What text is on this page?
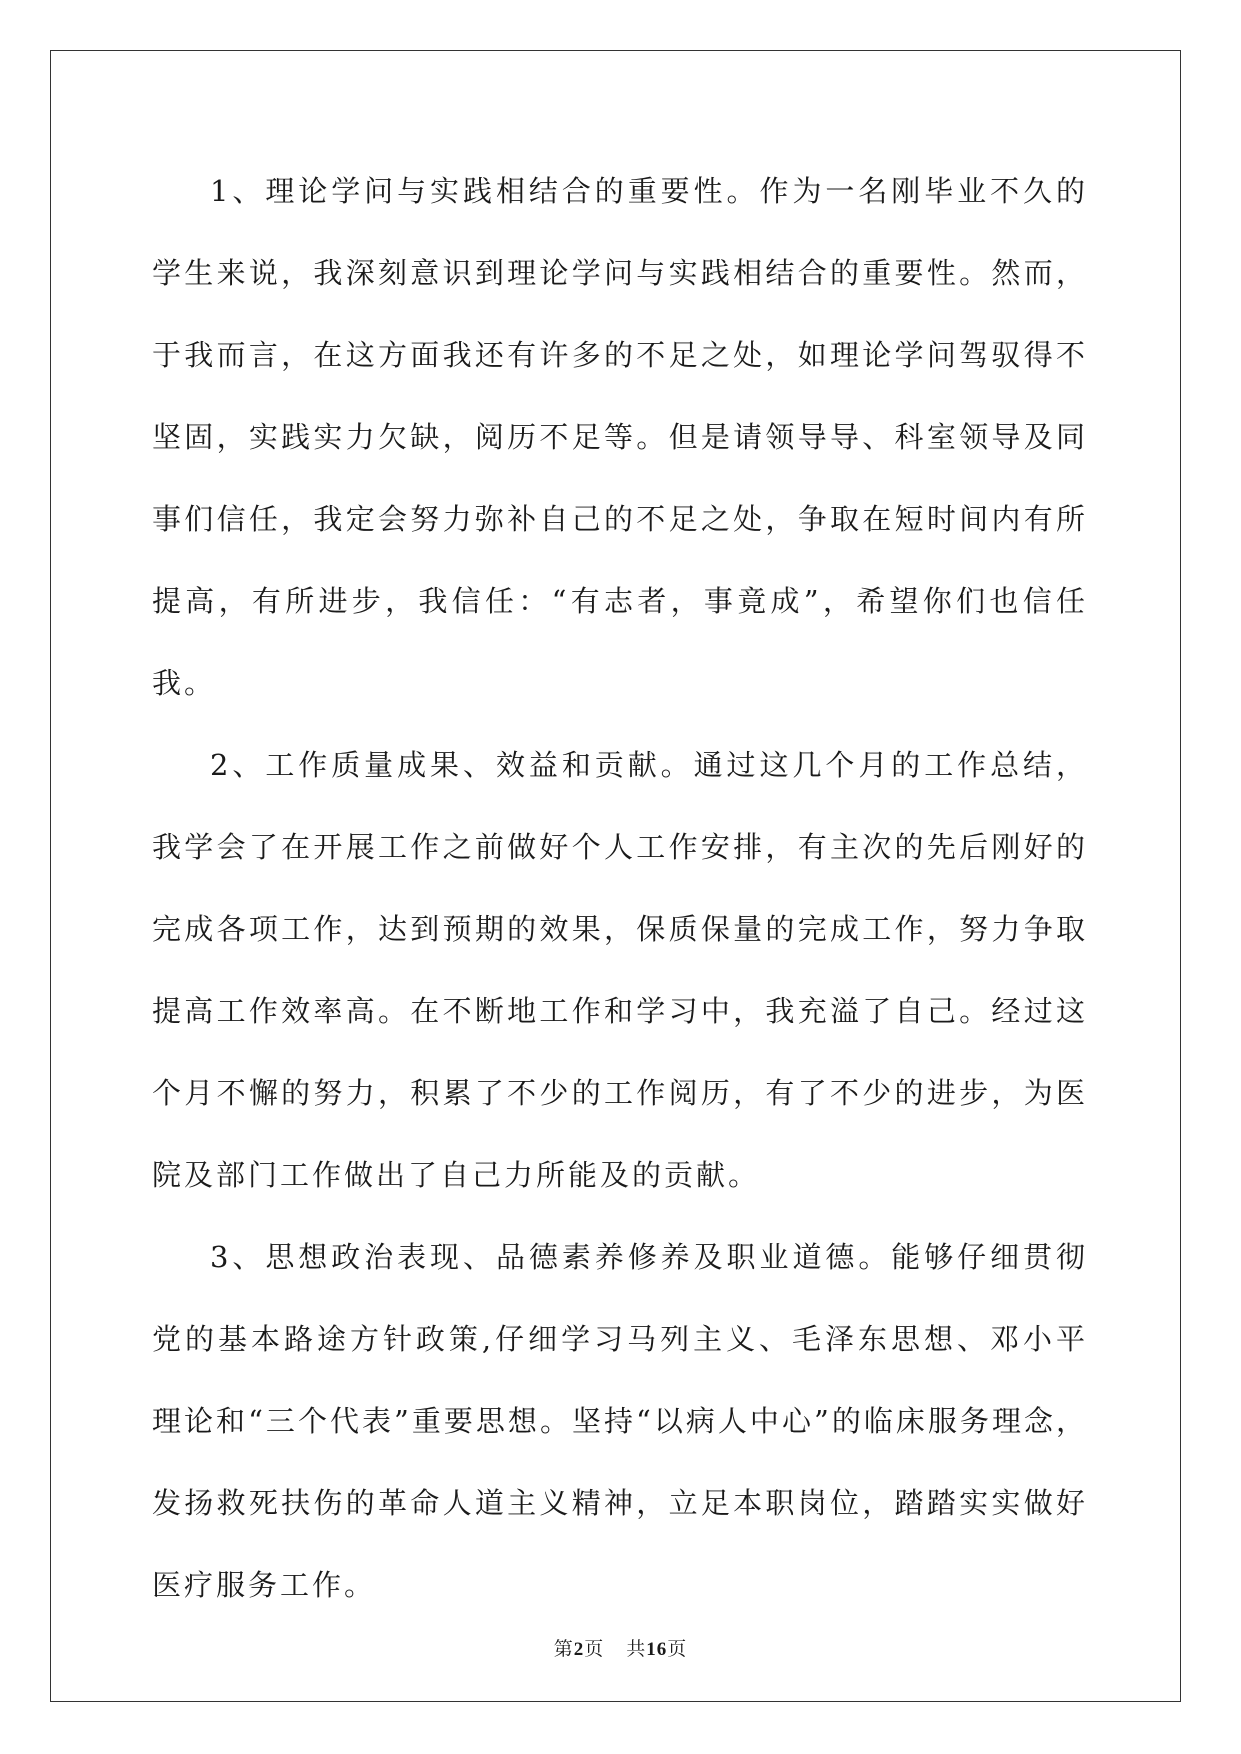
1、理论学问与实践相结合的重要性。作为一名刚毕业不久的学生来说，我深刻意识到理论学问与实践相结合的重要性。然而，于我而言，在这方面我还有许多的不足之处，如理论学问驾驭得不坚固，实践实力欠缺，阅历不足等。但是请领导导、科室领导及同事们信任，我定会努力弥补自己的不足之处，争取在短时间内有所提高，有所进步，我信任：“有志者，事竟成”，希望你们也信任我。

2、工作质量成果、效益和贡献。通过这几个月的工作总结，我学会了在开展工作之前做好个人工作安排，有主次的先后刚好的完成各项工作，达到预期的效果，保质保量的完成工作，努力争取提高工作效率高。在不断地工作和学习中，我充溢了自己。经过这个月不懈的努力，积累了不少的工作阅历，有了不少的进步，为医院及部门工作做出了自己力所能及的贡献。

3、思想政治表现、品德素养修养及职业道德。能够仔细贯彻党的基本路途方针政策,仔细学习马列主义、毛泽东思想、邓小平理论和“三个代表”重要思想。坚持“以病人中心”的临床服务理念，发扬救死扶伤的革命人道主义精神，立足本职岗位，踏踏实实做好医疗服务工作。

第2页 共16页
